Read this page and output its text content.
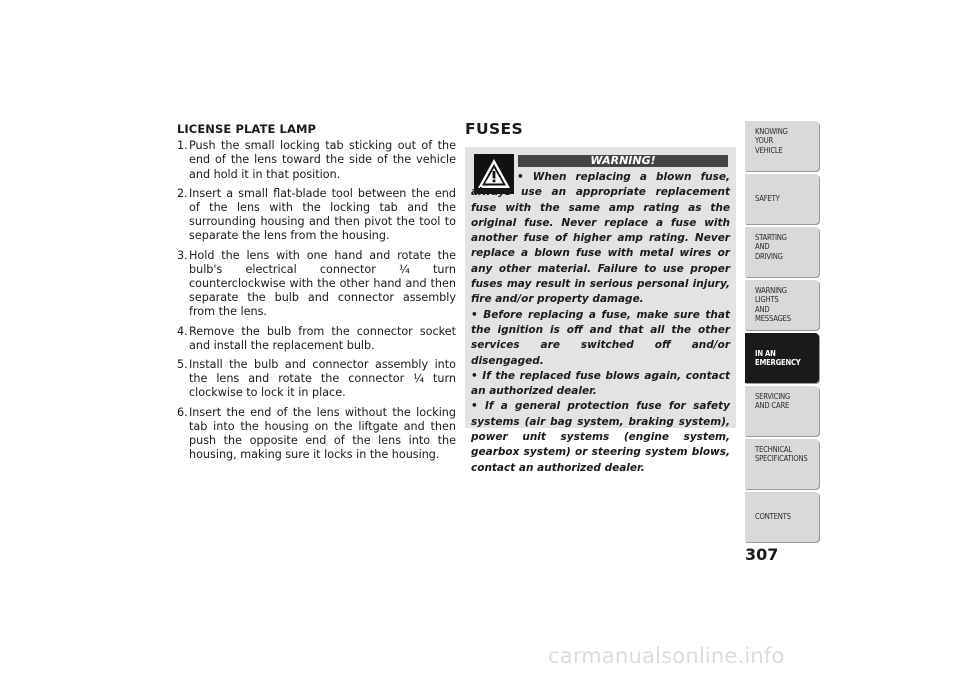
LICENSE PLATE LAMP
1.Push the small locking tab sticking out of the end of the lens toward the side of the vehicle and hold it in that position.
2.Insert a small flat-blade tool between the end of the lens with the locking tab and the surrounding housing and then pivot the tool to separate the lens from the housing.
3.Hold the lens with one hand and rotate the bulb's electrical connector ¼ turn counterclockwise with the other hand and then separate the bulb and connector assembly from the lens.
4.Remove the bulb from the connector socket and install the replacement bulb.
5.Install the bulb and connector assembly into the lens and rotate the connector ¼ turn clockwise to lock it in place.
6.Insert the end of the lens without the locking tab into the housing on the liftgate and then push the opposite end of the lens into the housing, making sure it locks in the housing.
FUSES
WARNING!

• When replacing a blown fuse, always use an appropriate replacement fuse with the same amp rating as the original fuse. Never replace a fuse with another fuse of higher amp rating. Never replace a blown fuse with metal wires or any other material. Failure to use proper fuses may result in serious personal injury, fire and/or property damage.

• Before replacing a fuse, make sure that the ignition is off and that all the other services are switched off and/or disengaged.

• If the replaced fuse blows again, contact an authorized dealer.

• If a general protection fuse for safety systems (air bag system, braking system), power unit systems (engine system, gearbox system) or steering system blows, contact an authorized dealer.

KNOWING
YOUR
VEHICLE
SAFETY
STARTING
AND
DRIVING
WARNING
LIGHTS
AND
MESSAGES
IN AN
EMERGENCY
SERVICING
AND CARE
TECHNICAL
SPECIFICATIONS
CONTENTS
307
carmanualsonline.info
